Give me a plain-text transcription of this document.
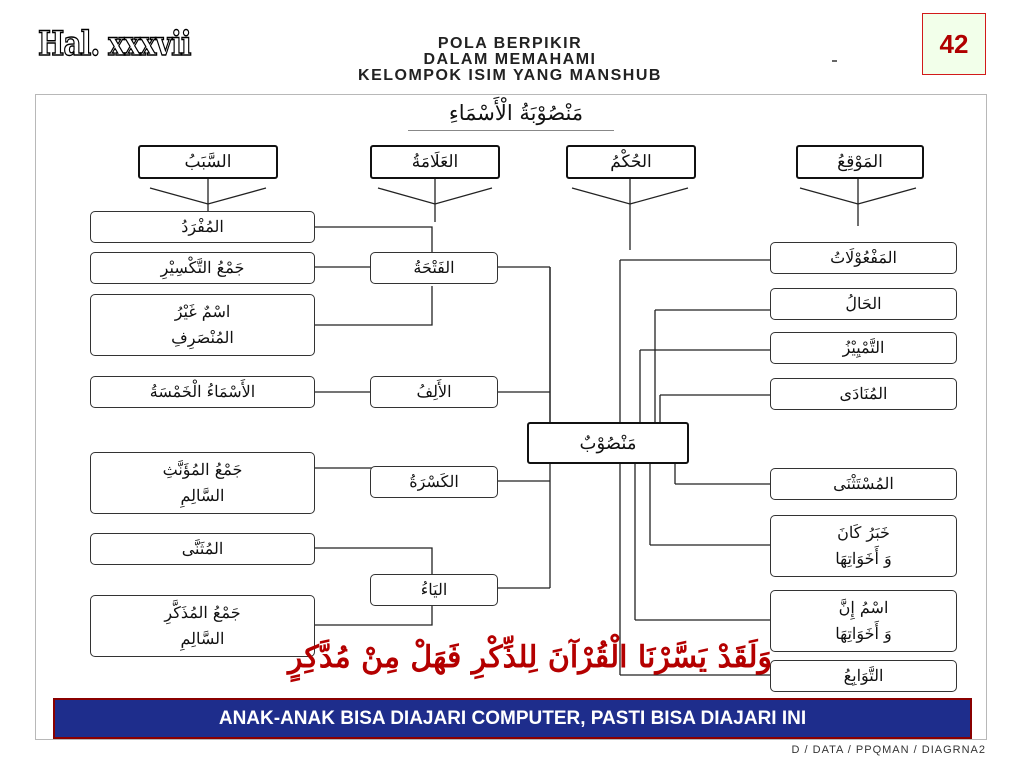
Hal. xxxvii	42
POLA BERPIKIR
DALAM MEMAHAMI
KELOMPOK ISIM YANG MANSHUB
مَنْصُوْبَةُ الْأَسْمَاءِ
السَّبَبُ	العَلَامَةُ	الحُكْمُ	المَوْقِعُ
المُفْرَدُ
جَمْعُ التَّكْسِيْرِ
اسْمٌ غَيْرُ
المُنْصَرِفِ
الأَسْمَاءُ الْخَمْسَةُ
جَمْعُ المُؤَنَّثِ
السَّالِمِ
المُثَنَّى
جَمْعُ المُذَكَّرِ
السَّالِمِ
الفَتْحَةُ
الأَلِفُ
الكَسْرَةُ
اليَاءُ
مَنْصُوْبٌ
المَفْعُوْلَاتُ
الحَالُ
التَّمْيِيْزُ
المُنَادَى
المُسْتَثْنَى
خَبَرُ كَانَ
وَ أَخَوَاتِهَا
اسْمُ إِنَّ
وَ أَخَوَاتِهَا
التَّوَابِعُ
وَلَقَدْ يَسَّرْنَا الْقُرْآنَ لِلذِّكْرِ فَهَلْ مِنْ مُدَّكِرٍ
ANAK-ANAK BISA DIAJARI COMPUTER, PASTI BISA DIAJARI INI
D / DATA / PPQMAN / DIAGRNA2
